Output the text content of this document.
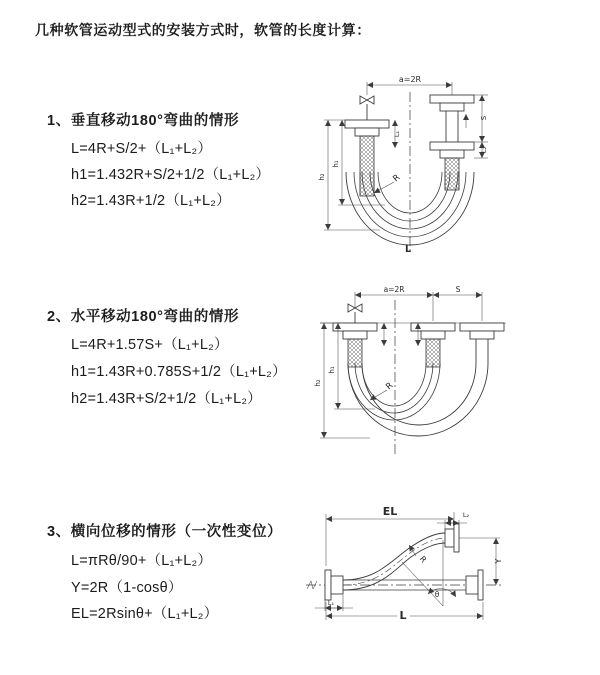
几种软管运动型式的安装方式时，软管的长度计算：
1、垂直移动180°弯曲的情形
L=4R+S/2+（L₁+L₂）
h1=1.432R+S/2+1/2（L₁+L₂）
h2=1.43R+1/2（L₁+L₂）
2、水平移动180°弯曲的情形
L=4R+1.57S+（L₁+L₂）
h1=1.43R+0.785S+1/2（L₁+L₂）
h2=1.43R+S/2+1/2（L₁+L₂）
3、横向位移的情形（一次性变位）
L=πRθ/90+（L₁+L₂）
Y=2R（1-cosθ）
EL=2Rsinθ+（L₁+L₂）
a=2R
L₁
S
L₂
h₂
h₁
R
L
a=2R	S
h₂
h₁
R
EL	L₂
Y
θ
R
L₁
L
